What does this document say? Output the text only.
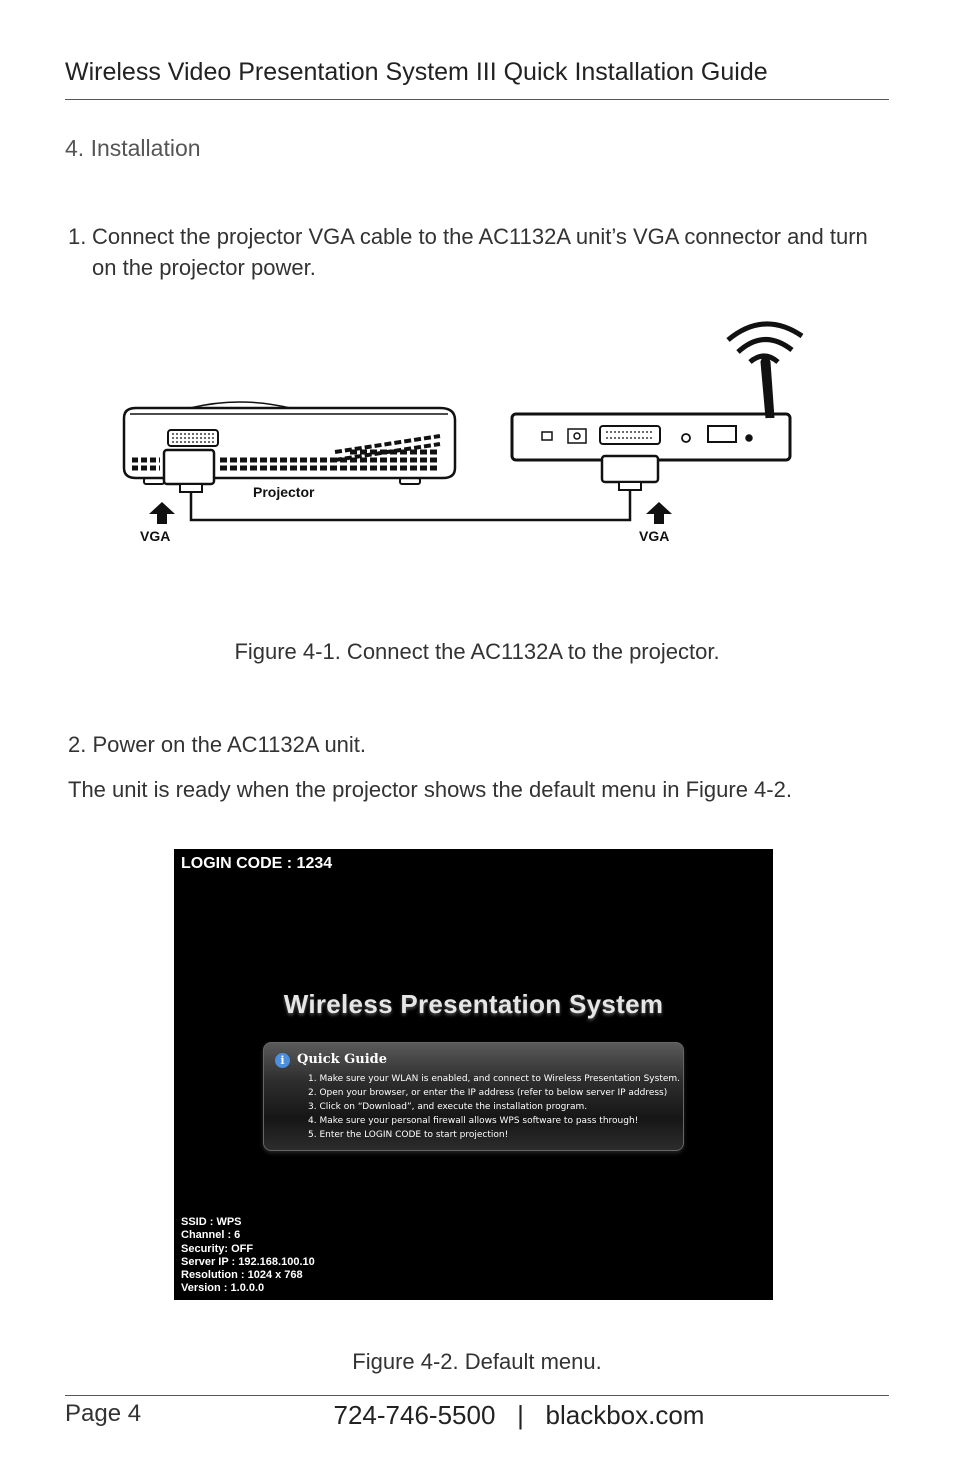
Wireless Video Presentation System III Quick Installation Guide
4. Installation
1. Connect the projector VGA cable to the AC1132A unit’s VGA connector and turn on the projector power.
Projector
VGA	VGA
Figure 4-1. Connect the AC1132A to the projector.
2. Power on the AC1132A unit.
The unit is ready when the projector shows the default menu in Figure 4-2.
LOGIN CODE : 1234
Wireless Presentation System
i Quick Guide
1. Make sure your WLAN is enabled, and connect to Wireless Presentation System.
2. Open your browser, or enter the IP address (refer to below server IP address)
3. Click on “Download”, and execute the installation program.
4. Make sure your personal firewall allows WPS software to pass through!
5. Enter the LOGIN CODE to start projection!
SSID : WPS
Channel : 6
Security: OFF
Server IP : 192.168.100.10
Resolution : 1024 x 768
Version : 1.0.0.0
Figure 4-2. Default menu.
Page 4	724-746-5500   |   blackbox.com
